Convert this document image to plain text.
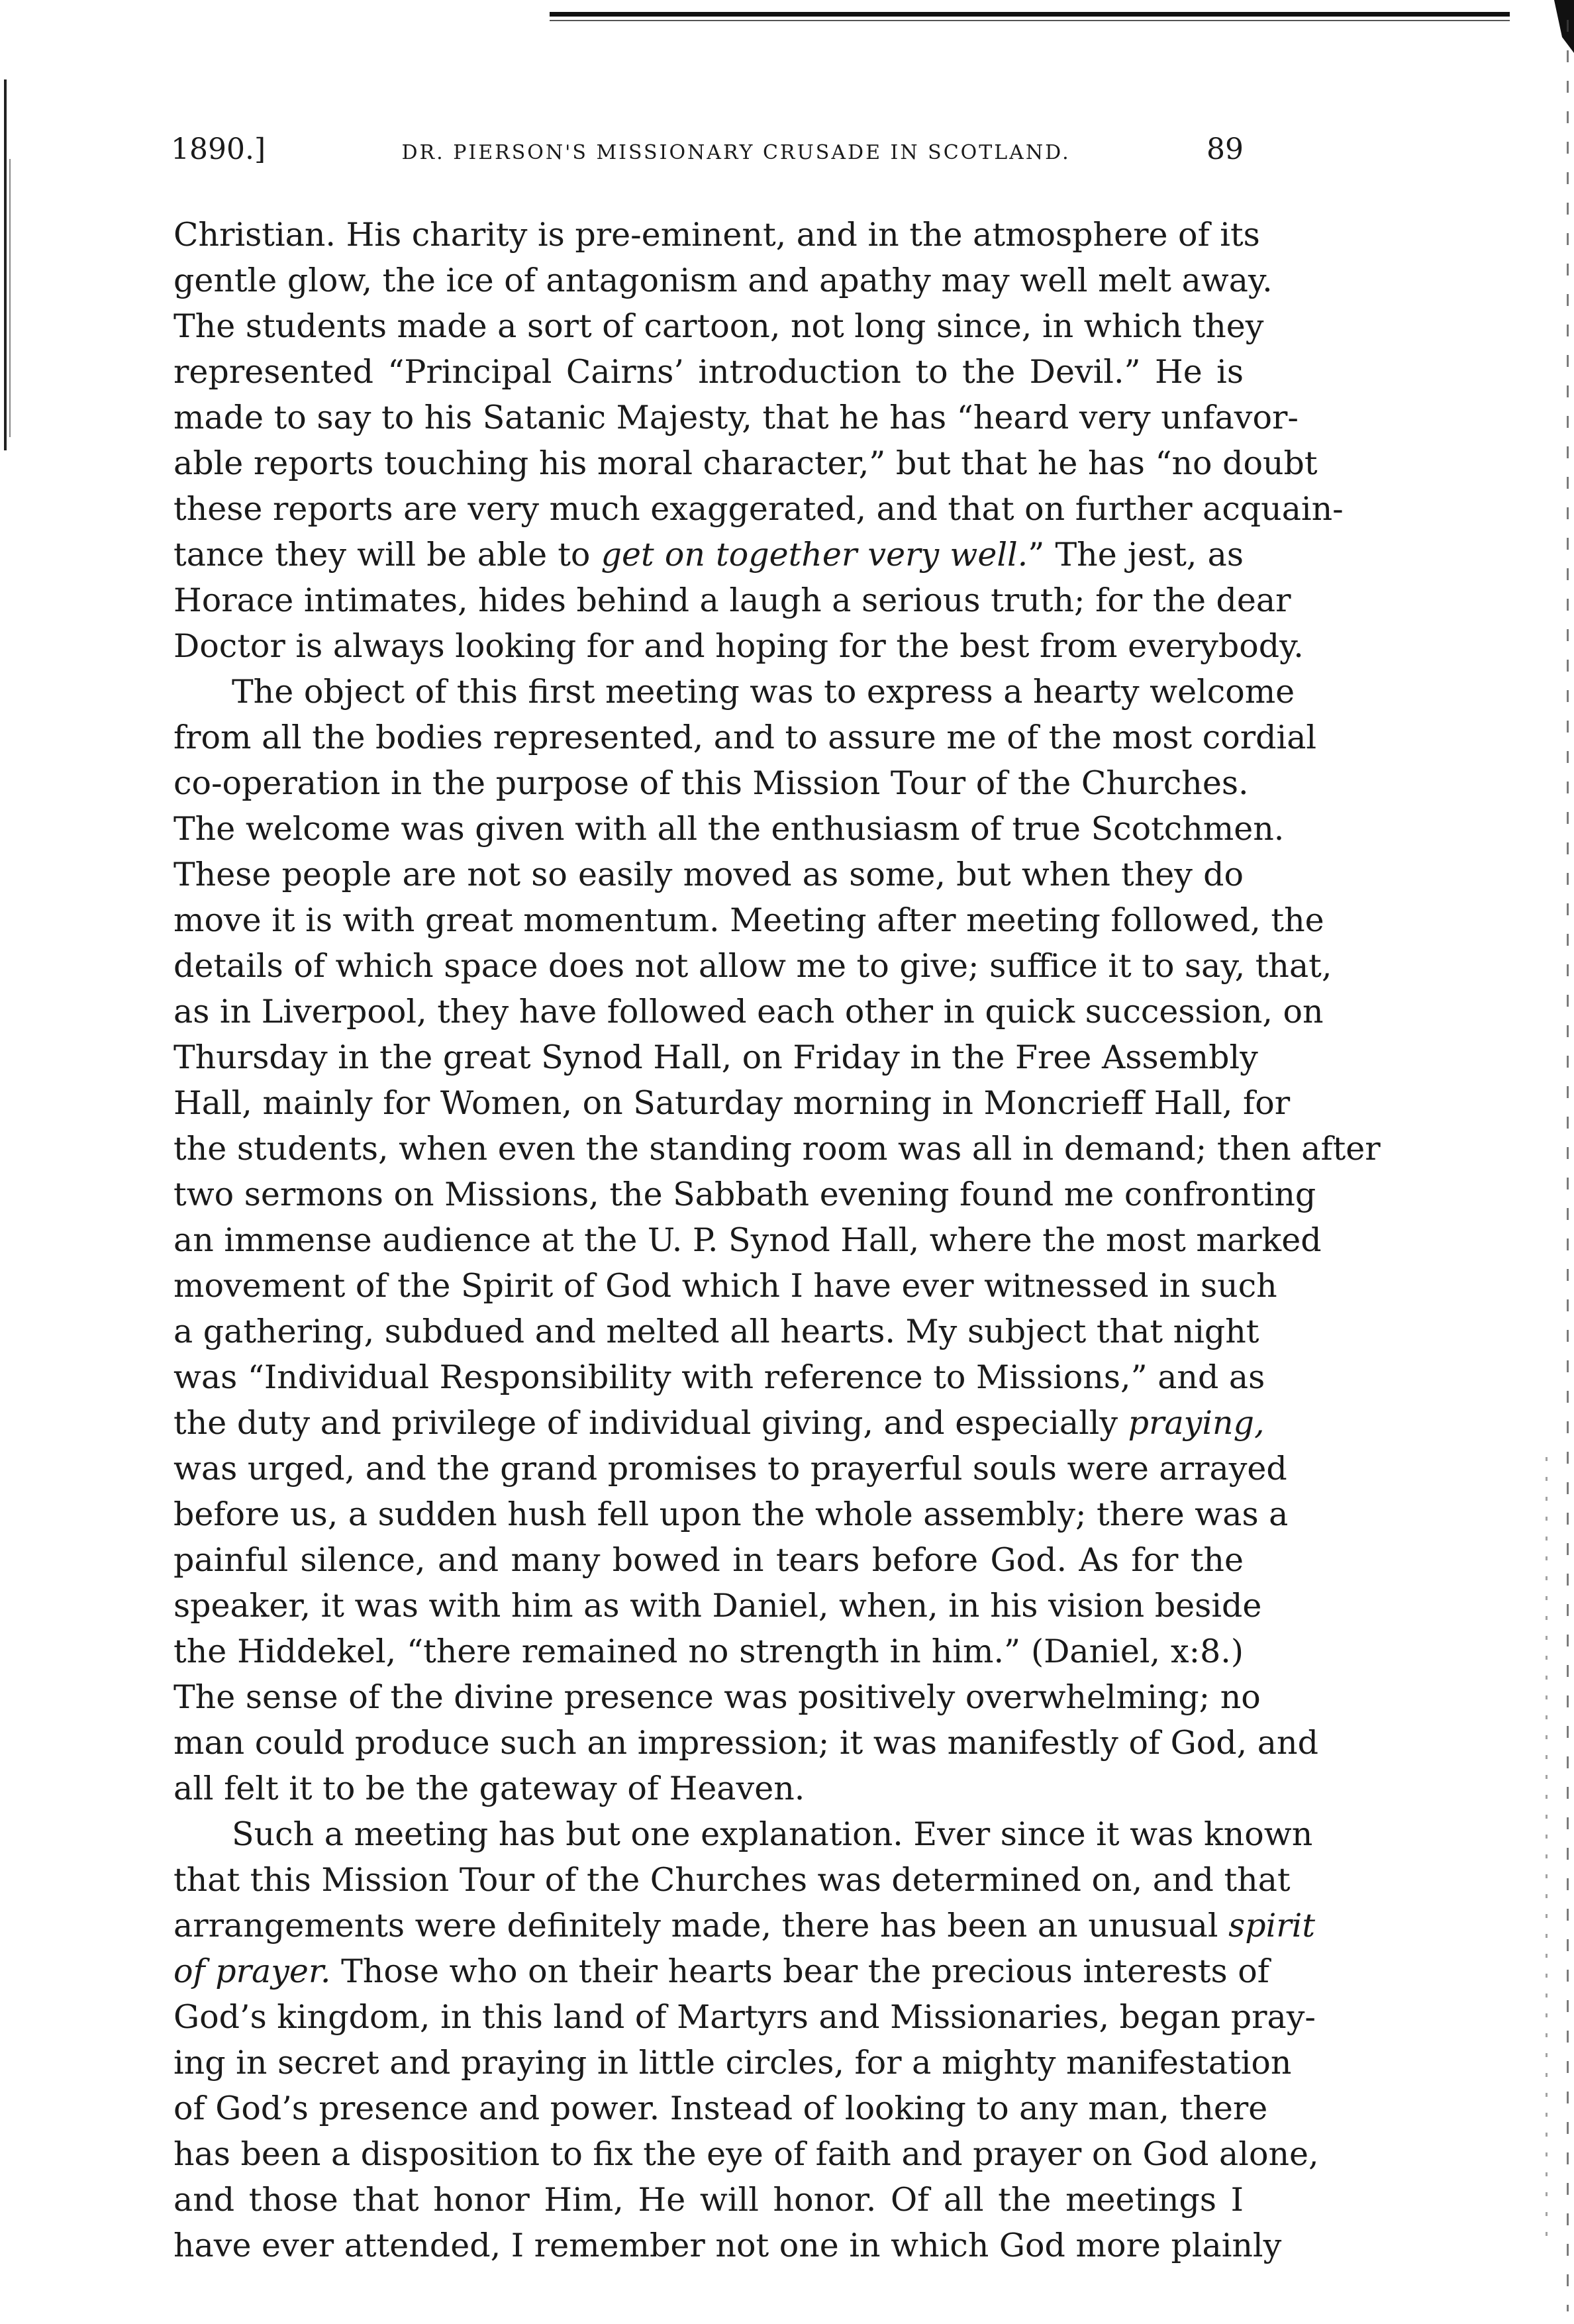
1890.]	DR. PIERSON'S MISSIONARY CRUSADE IN SCOTLAND.	89
Christian. His charity is pre-eminent, and in the atmosphere of its
gentle glow, the ice of antagonism and apathy may well melt away.
The students made a sort of cartoon, not long since, in which they
represented “Principal Cairns’ introduction to the Devil.” He is
made to say to his Satanic Majesty, that he has “heard very unfavor-
able reports touching his moral character,” but that he has “no doubt
these reports are very much exaggerated, and that on further acquain-
tance they will be able to get on together very well.” The jest, as
Horace intimates, hides behind a laugh a serious truth; for the dear
Doctor is always looking for and hoping for the best from everybody.
The object of this first meeting was to express a hearty welcome
from all the bodies represented, and to assure me of the most cordial
co-operation in the purpose of this Mission Tour of the Churches.
The welcome was given with all the enthusiasm of true Scotchmen.
These people are not so easily moved as some, but when they do
move it is with great momentum. Meeting after meeting followed, the
details of which space does not allow me to give; suffice it to say, that,
as in Liverpool, they have followed each other in quick succession, on
Thursday in the great Synod Hall, on Friday in the Free Assembly
Hall, mainly for Women, on Saturday morning in Moncrieff Hall, for
the students, when even the standing room was all in demand; then after
two sermons on Missions, the Sabbath evening found me confronting
an immense audience at the U. P. Synod Hall, where the most marked
movement of the Spirit of God which I have ever witnessed in such
a gathering, subdued and melted all hearts. My subject that night
was “Individual Responsibility with reference to Missions,” and as
the duty and privilege of individual giving, and especially praying,
was urged, and the grand promises to prayerful souls were arrayed
before us, a sudden hush fell upon the whole assembly; there was a
painful silence, and many bowed in tears before God. As for the
speaker, it was with him as with Daniel, when, in his vision beside
the Hiddekel, “there remained no strength in him.” (Daniel, x:8.)
The sense of the divine presence was positively overwhelming; no
man could produce such an impression; it was manifestly of God, and
all felt it to be the gateway of Heaven.
Such a meeting has but one explanation. Ever since it was known
that this Mission Tour of the Churches was determined on, and that
arrangements were definitely made, there has been an unusual spirit
of prayer. Those who on their hearts bear the precious interests of
God’s kingdom, in this land of Martyrs and Missionaries, began pray-
ing in secret and praying in little circles, for a mighty manifestation
of God’s presence and power. Instead of looking to any man, there
has been a disposition to fix the eye of faith and prayer on God alone,
and those that honor Him, He will honor. Of all the meetings I
have ever attended, I remember not one in which God more plainly
